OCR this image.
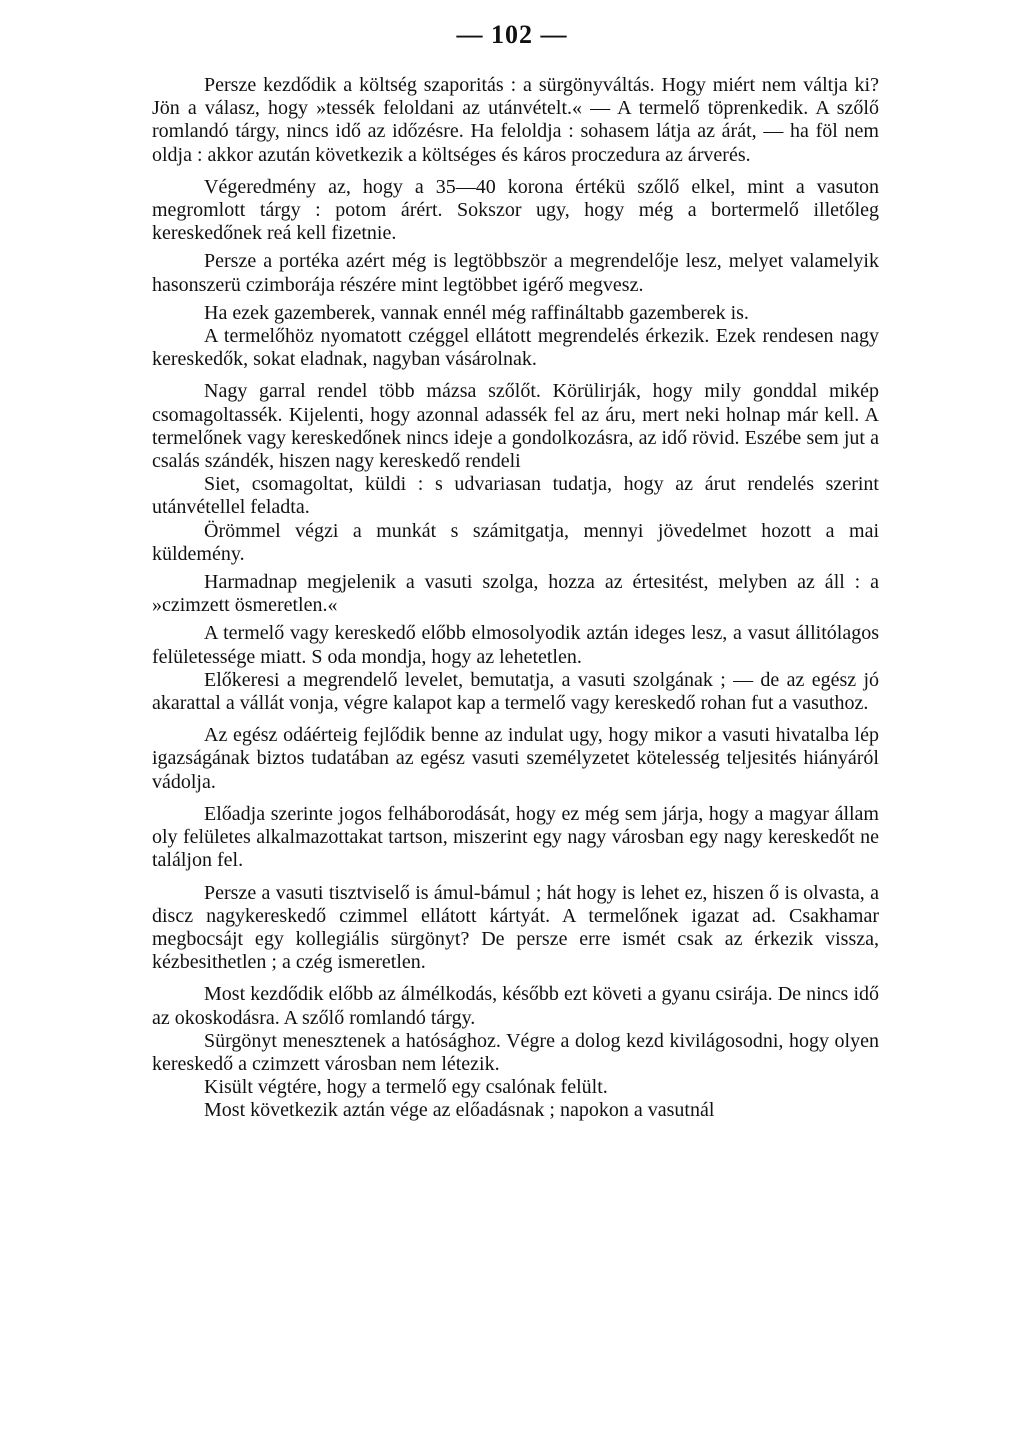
— 102 —

Persze kezdődik a költség szaporitás : a sürgönyváltás. Hogy miért nem váltja ki? Jön a válasz, hogy »tessék feloldani az utánvételt.« — A termelő töprenkedik. A szőlő romlandó tárgy, nincs idő az időzésre. Ha feloldja : sohasem látja az árát, — ha föl nem oldja : akkor azután következik a költséges és káros proczedura az árverés.

Végeredmény az, hogy a 35—40 korona értékü szőlő elkel, mint a vasuton megromlott tárgy : potom árért. Sokszor ugy, hogy még a bortermelő illetőleg kereskedőnek reá kell fizetnie.

Persze a portéka azért még is legtöbbször a megrendelője lesz, melyet valamelyik hasonszerü czimborája részére mint legtöbbet igérő megvesz.

Ha ezek gazemberek, vannak ennél még raffináltabb gazemberek is.

A termelőhöz nyomatott czéggel ellátott megrendelés érkezik. Ezek rendesen nagy kereskedők, sokat eladnak, nagyban vásárolnak.

Nagy garral rendel több mázsa szőlőt. Körülirják, hogy mily gonddal mikép csomagoltassék. Kijelenti, hogy azonnal adassék fel az áru, mert neki holnap már kell. A termelőnek vagy kereskedőnek nincs ideje a gondolkozásra, az idő rövid. Eszébe sem jut a csalás szándék, hiszen nagy kereskedő rendeli

Siet, csomagoltat, küldi : s udvariasan tudatja, hogy az árut rendelés szerint utánvétellel feladta.

Örömmel végzi a munkát s számitgatja, mennyi jövedelmet hozott a mai küldemény.

Harmadnap megjelenik a vasuti szolga, hozza az értesitést, melyben az áll : a »czimzett ösmeretlen.«

A termelő vagy kereskedő előbb elmosolyodik aztán ideges lesz, a vasut állitólagos felületessége miatt. S oda mondja, hogy az lehetetlen.

Előkeresi a megrendelő levelet, bemutatja, a vasuti szolgának ; — de az egész jó akarattal a vállát vonja, végre kalapot kap a termelő vagy kereskedő rohan fut a vasuthoz.

Az egész odáérteig fejlődik benne az indulat ugy, hogy mikor a vasuti hivatalba lép igazságának biztos tudatában az egész vasuti személyzetet kötelesség teljesités hiányáról vádolja.

Előadja szerinte jogos felháborodását, hogy ez még sem járja, hogy a magyar állam oly felületes alkalmazottakat tartson, miszerint egy nagy városban egy nagy kereskedőt ne találjon fel.

Persze a vasuti tisztviselő is ámul-bámul ; hát hogy is lehet ez, hiszen ő is olvasta, a discz nagykereskedő czimmel ellátott kártyát. A termelőnek igazat ad. Csakhamar megbocsájt egy kollegiális sürgönyt? De persze erre ismét csak az érkezik vissza, kézbesithetlen ; a czég ismeretlen.

Most kezdődik előbb az álmélkodás, később ezt követi a gyanu csirája. De nincs idő az okoskodásra. A szőlő romlandó tárgy.

Sürgönyt menesztenek a hatósághoz. Végre a dolog kezd kivilágosodni, hogy olyen kereskedő a czimzett városban nem létezik.

Kisült végtére, hogy a termelő egy csalónak felült.

Most következik aztán vége az előadásnak ; napokon a vasutnál
